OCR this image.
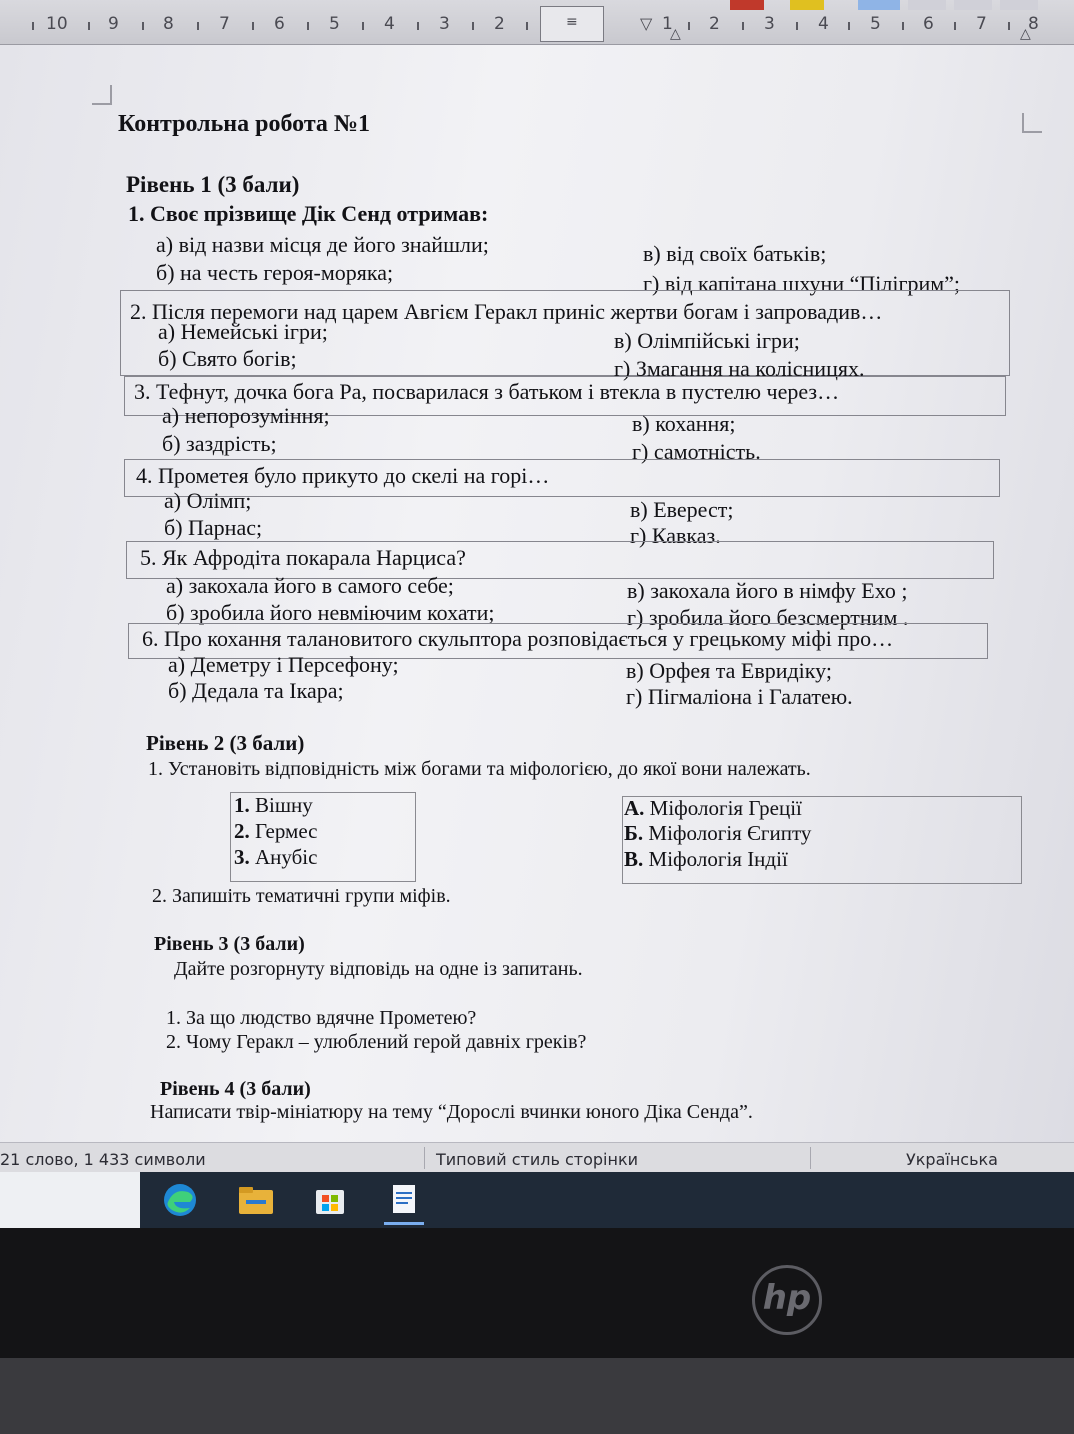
10 9	8	7	6	5	4	3	2	≡	▽ 1
△ 2	3	4 5 6 7 8
△
Контрольна робота №1
Рівень 1 (3 бали)
1. Своє прізвище Дік Сенд отримав:
а) від назви місця де його знайшли;
б) на честь героя-моряка;
в) від своїх батьків;
г) від капітана шхуни “Пілігрим”;
2. Після перемоги над царем Авгієм Геракл приніс жертви богам і запровадив…
а) Немейські ігри;
б) Свято богів;
в) Олімпійські ігри;
г) Змагання на колісницях.
3. Тефнут, дочка бога Ра, посварилася з батьком і втекла в пустелю через…
а) непорозуміння;
б) заздрість;
в) кохання;
г) самотність.
4. Прометея було прикуто до скелі на горі…
а) Олімп;
б) Парнас;
в) Еверест;
г) Кавказ.
5. Як Афродіта покарала Нарциса?
а) закохала його в самого себе;
б) зробила його невміючим кохати;
в) закохала його в німфу Ехо ;
г) зробила його безсмертним .
6. Про кохання талановитого скульптора розповідається у грецькому міфі про…
а) Деметру і Персефону;
б) Дедала та Ікара;
в) Орфея та Евридіку;
г) Пігмаліона і Галатею.
Рівень 2 (3 бали)
1. Установіть відповідність між богами та міфологією, до якої вони належать.
1. Вішну
2. Гермес
3. Анубіс
А. Міфологія Греції
Б. Міфологія Єгипту
В. Міфологія Індії
2. Запишіть тематичні групи міфів.
Рівень 3 (3 бали)
Дайте розгорнуту відповідь на одне із запитань.
1. За що людство вдячне Прометею?
2. Чому Геракл – улюблений герой давніх греків?
Рівень 4 (3 бали)
Написати твір-мініатюру на тему “Дорослі вчинки юного Діка Сенда”.
21 слово, 1 433 символи	Типовий стиль сторінки	Українська
hp
